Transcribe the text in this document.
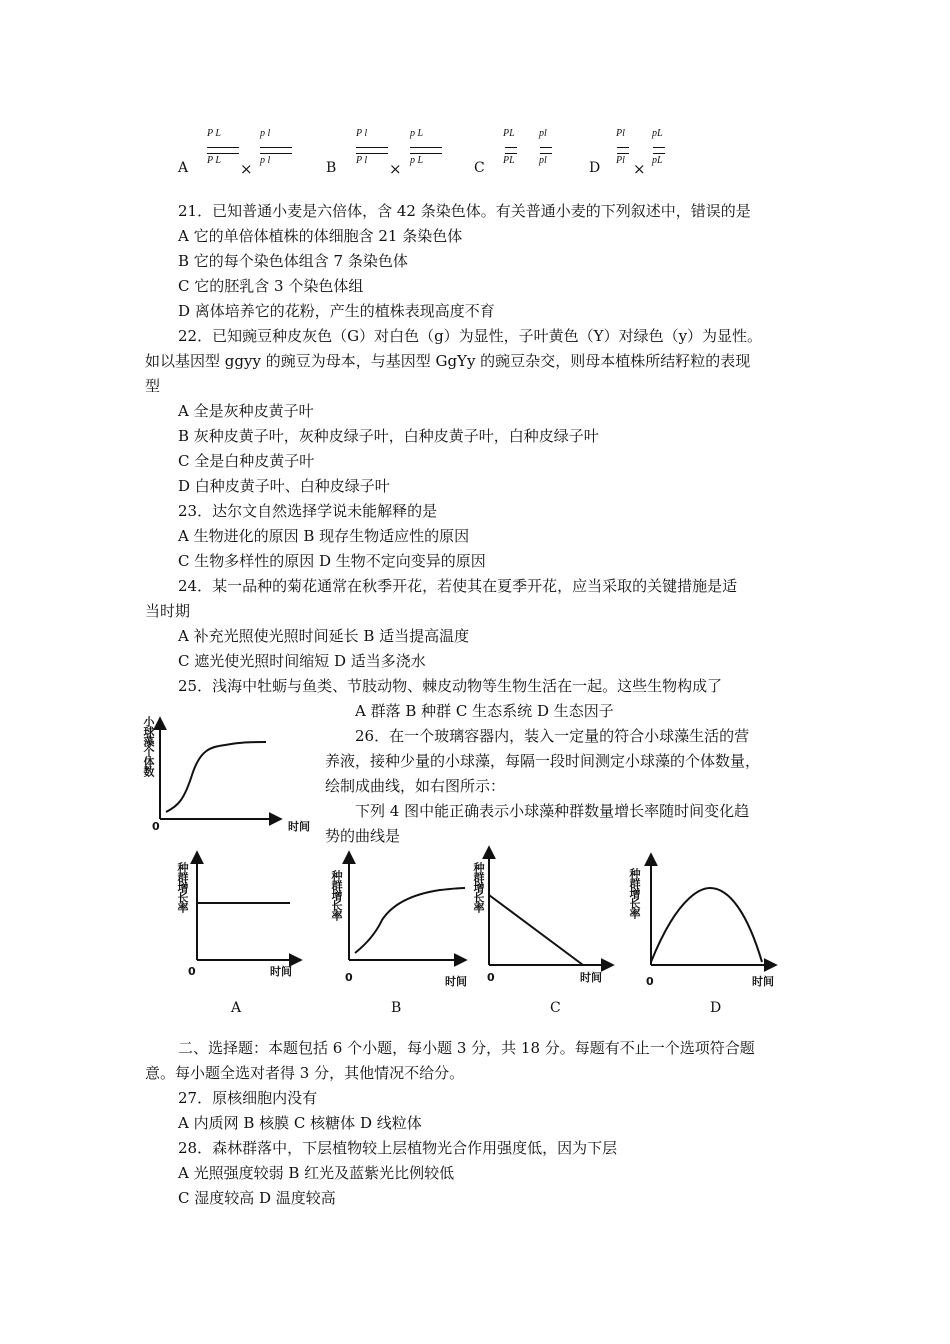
A
P L
P L ×
p l
p l	B
P l
P l ×
p L
p L	C
PL
PL
pl
pl	D
Pl
Pl ×
pL
pL
21．已知普通小麦是六倍体，含 42 条染色体。有关普通小麦的下列叙述中，错误的是
A 它的单倍体植株的体细胞含 21 条染色体
B 它的每个染色体组含 7 条染色体
C 它的胚乳含 3 个染色体组
D 离体培养它的花粉，产生的植株表现高度不育
22．已知豌豆种皮灰色（G）对白色（g）为显性，子叶黄色（Y）对绿色（y）为显性。
如以基因型 ggyy 的豌豆为母本，与基因型 GgYy 的豌豆杂交，则母本植株所结籽粒的表现
型
A 全是灰种皮黄子叶
B 灰种皮黄子叶，灰种皮绿子叶，白种皮黄子叶，白种皮绿子叶
C 全是白种皮黄子叶
D 白种皮黄子叶、白种皮绿子叶
23．达尔文自然选择学说未能解释的是
A 生物进化的原因 B 现存生物适应性的原因
C 生物多样性的原因 D 生物不定向变异的原因
24．某一品种的菊花通常在秋季开花，若使其在夏季开花，应当采取的关键措施是适
当时期
A 补充光照使光照时间延长 B 适当提高温度
C 遮光使光照时间缩短 D 适当多浇水
25．浅海中牡蛎与鱼类、节肢动物、棘皮动物等生物生活在一起。这些生物构成了
A 群落 B 种群 C 生态系统 D 生态因子
26．在一个玻璃容器内，装入一定量的符合小球藻生活的营
养液，接种少量的小球藻，每隔一段时间测定小球藻的个体数量，
绘制成曲线，如右图所示：
下列 4 图中能正确表示小球藻种群数量增长率随时间变化趋
势的曲线是
二、选择题：本题包括 6 个小题，每小题 3 分，共 18 分。每题有不止一个选项符合题
意。每小题全选对者得 3 分，其他情况不给分。
27．原核细胞内没有
A 内质网 B 核膜 C 核糖体 D 线粒体
28．森林群落中，下层植物较上层植物光合作用强度低，因为下层
A 光照强度较弱 B 红光及蓝紫光比例较低
C 湿度较高 D 温度较高
小球藻个体数
时间
0
种群增长率
时间
0
A
种群增长率
时间
0
B
种群增长率
时间
0
C
种群增长率
时间
0
D
